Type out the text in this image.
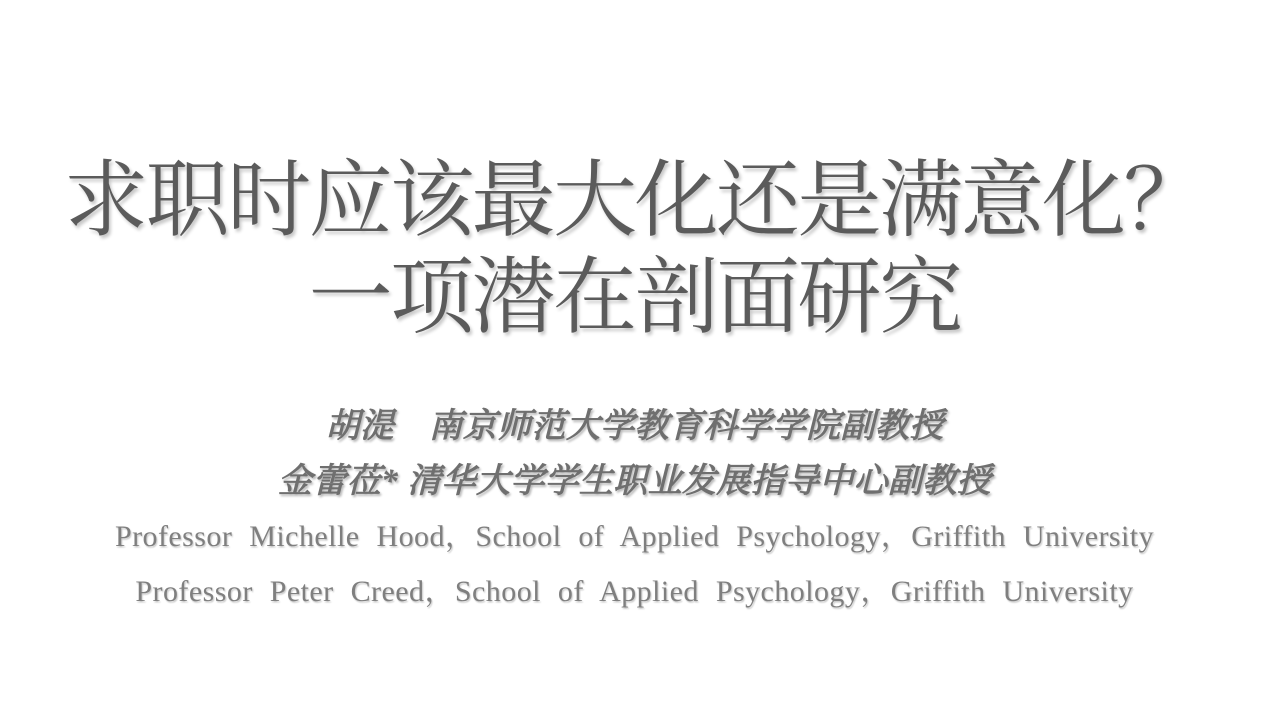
求职时应该最大化还是满意化？
一项潜在剖面研究

胡湜　南京师范大学教育科学学院副教授

金蕾莅* 清华大学学生职业发展指导中心副教授

Professor Michelle Hood，School of Applied Psychology，Griffith University

Professor Peter Creed，School of Applied Psychology，Griffith University
